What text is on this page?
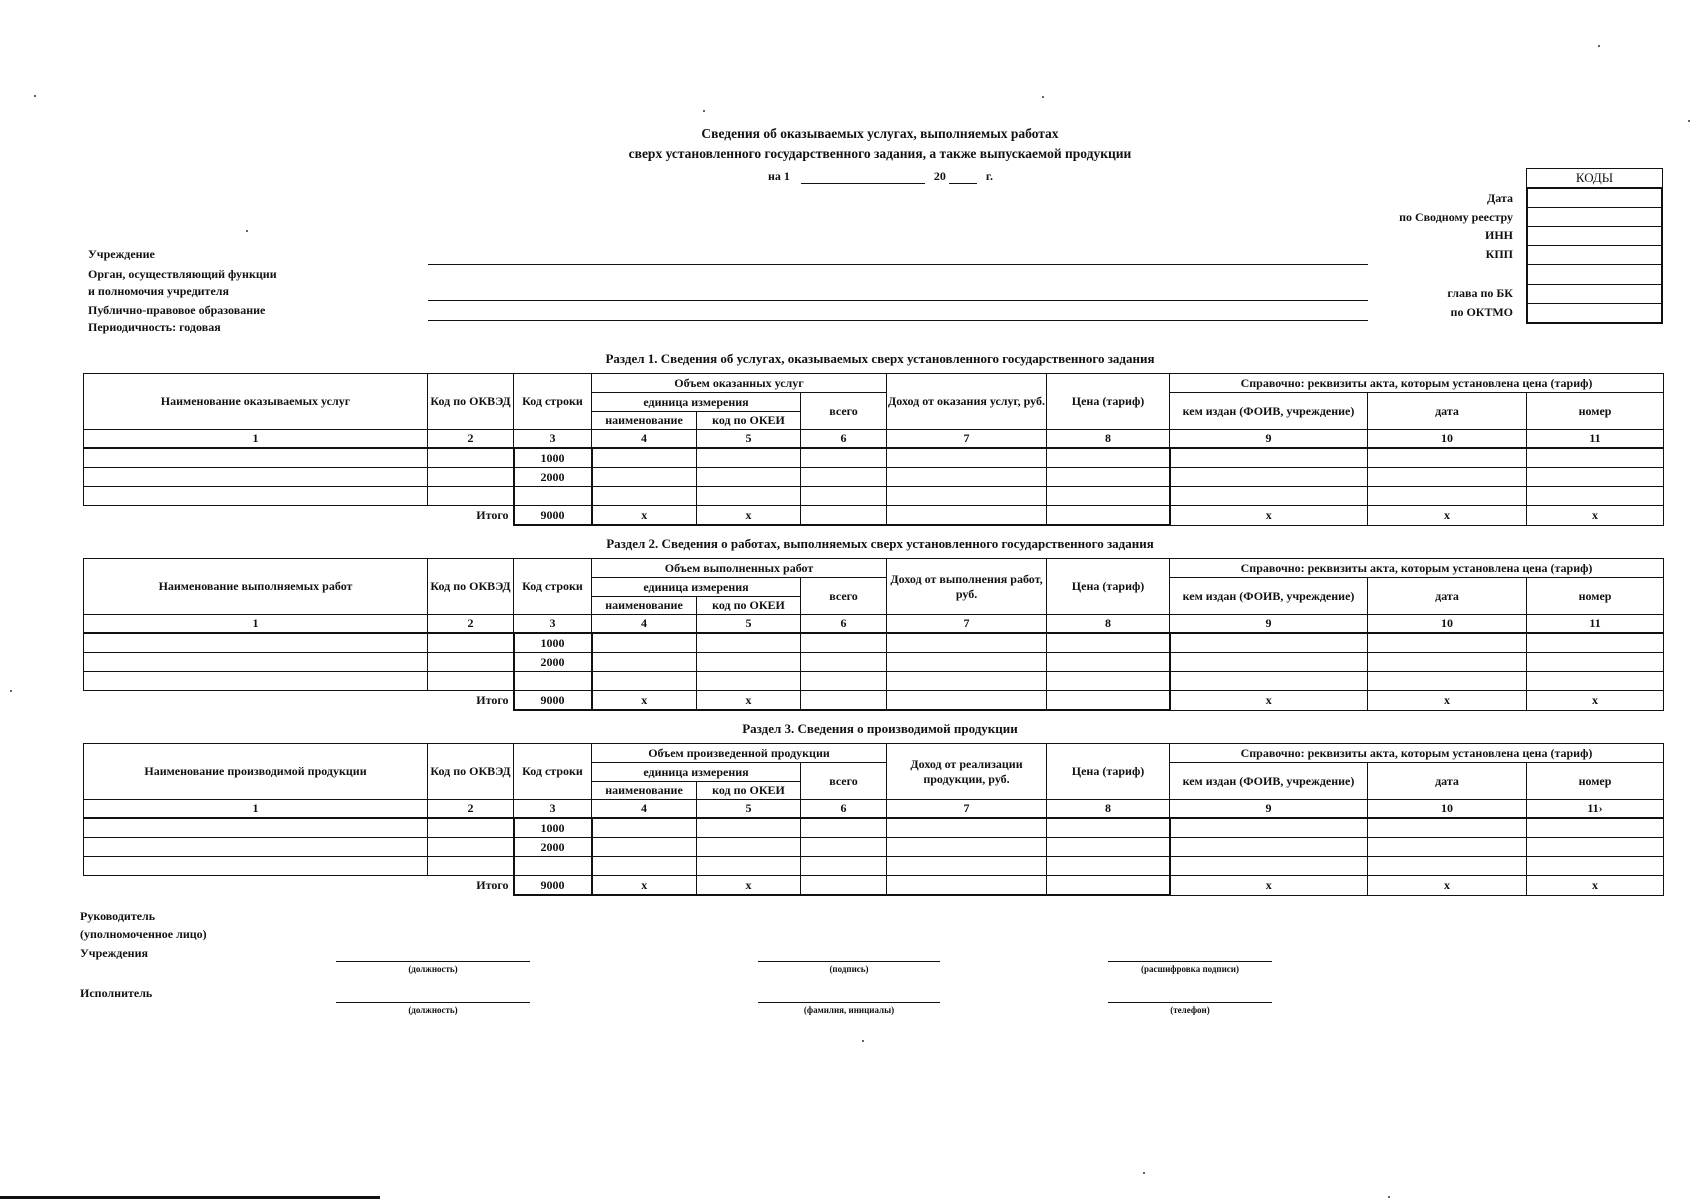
Сведения об оказываемых услугах, выполняемых работах
сверх установленного государственного задания, а также выпускаемой продукции
на 1	20	г.	КОДЫ
Дата
по Сводному реестру
ИНН
КПП
глава по БК
по ОКТМО
Учреждение
Орган, осуществляющий функции
и полномочия учредителя
Публично-правовое образование
Периодичность: годовая
Раздел 1. Сведения об услугах, оказываемых сверх установленного государственного задания
Наименование оказываемых услуг	Код по ОКВЭД	Код строки	Объем оказанных услуг			Доход от оказания услуг, руб.	Цена (тариф)	Справочно: реквизиты акта, которым установлена цена (тариф)		
			единица измерения		всего			кем издан (ФОИВ, учреждение)	дата	номер
			наименование	код по ОКЕИ						
1	2	3	4	5	6	7	8	9	10	11
		1000								
		2000								

Итого		9000	x	x				x	x	x
Раздел 2. Сведения о работах, выполняемых сверх установленного государственного задания
Наименование выполняемых работ	Код по ОКВЭД	Код строки	Объем выполненных работ			Доход от выполнения работ, руб.	Цена (тариф)	Справочно: реквизиты акта, которым установлена цена (тариф)		
			единица измерения		всего			кем издан (ФОИВ, учреждение)	дата	номер
			наименование	код по ОКЕИ						
1	2	3	4	5	6	7	8	9	10	11
		1000								
		2000								

Итого		9000	x	x				x	x	x
Раздел 3. Сведения о производимой продукции
Наименование производимой продукции	Код по ОКВЭД	Код строки	Объем произведенной продукции			Доход от реализации продукции, руб.	Цена (тариф)	Справочно: реквизиты акта, которым установлена цена (тариф)		
			единица измерения		всего			кем издан (ФОИВ, учреждение)	дата	номер
			наименование	код по ОКЕИ						
1	2	3	4	5	6	7	8	9	10	11›
		1000								
		2000								

Итого		9000	x	x				x	x	x
Руководитель
(уполномоченное лицо)
Учреждения
Исполнитель
(должность)	(подпись)	(расшифровка подписи)
(должность)	(фамилия, инициалы)	(телефон)
